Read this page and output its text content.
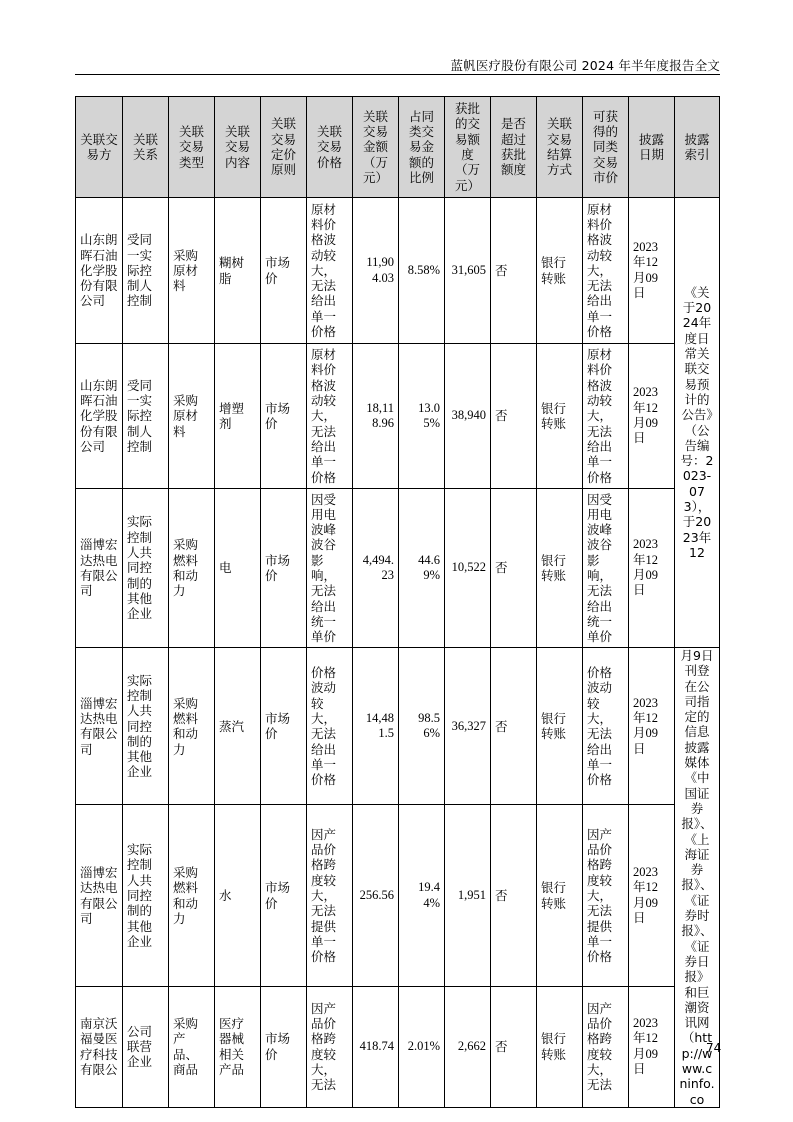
蓝帆医疗股份有限公司 2024 年半年度报告全文
关联交易方	关联关系	关联交易类型	关联交易内容	关联交易定价原则	关联交易价格	关联交易金额（万元）	占同类交易金额的比例	获批的交易额度（万元）	是否超过获批额度	关联交易结算方式	可获得的同类交易市价	披露日期	披露索引
山东朗晖石油化学股份有限公司	受同一实际控制人控制	采购原材料	糊树脂	市场价	原材料价格波动较大，无法给出单一价格	11,904.03	8.58%	31,605	否	银行转账	原材料价格波动较大，无法给出单一价格	2023年12月09日	《关于2024年度日常关联交易预计的公告》（公告编号：2023-073），于2023年12
山东朗晖石油化学股份有限公司	受同一实际控制人控制	采购原材料	增塑剂	市场价	原材料价格波动较大，无法给出单一价格	18,118.96	13.05%	38,940	否	银行转账	原材料价格波动较大，无法给出单一价格	2023年12月09日	
淄博宏达热电有限公司	实际控制人共同控制的其他企业	采购燃料和动力	电	市场价	因受用电波峰波谷影响，无法给出统一单价	4,494.23	44.69%	10,522	否	银行转账	因受用电波峰波谷影响，无法给出统一单价	2023年12月09日	
淄博宏达热电有限公司	实际控制人共同控制的其他企业	采购燃料和动力	蒸汽	市场价	价格波动较大，无法给出单一价格	14,481.5	98.56%	36,327	否	银行转账	价格波动较大，无法给出单一价格	2023年12月09日	月9日刊登在公司指定的信息披露媒体《中国证券报》、《上海证券报》、《证券时报》、《证券日报》和巨潮资讯网（http://www.cninfo.co
淄博宏达热电有限公司	实际控制人共同控制的其他企业	采购燃料和动力	水	市场价	因产品价格跨度较大，无法提供单一价格	256.56	19.44%	1,951	否	银行转账	因产品价格跨度较大，无法提供单一价格	2023年12月09日	
南京沃福曼医疗科技有限公	公司联营企业	采购产品、商品	医疗器械相关产品	市场价	因产品价格跨度较大，无法	418.74	2.01%	2,662	否	银行转账	因产品价格跨度较大，无法	2023年12月09日	
74
